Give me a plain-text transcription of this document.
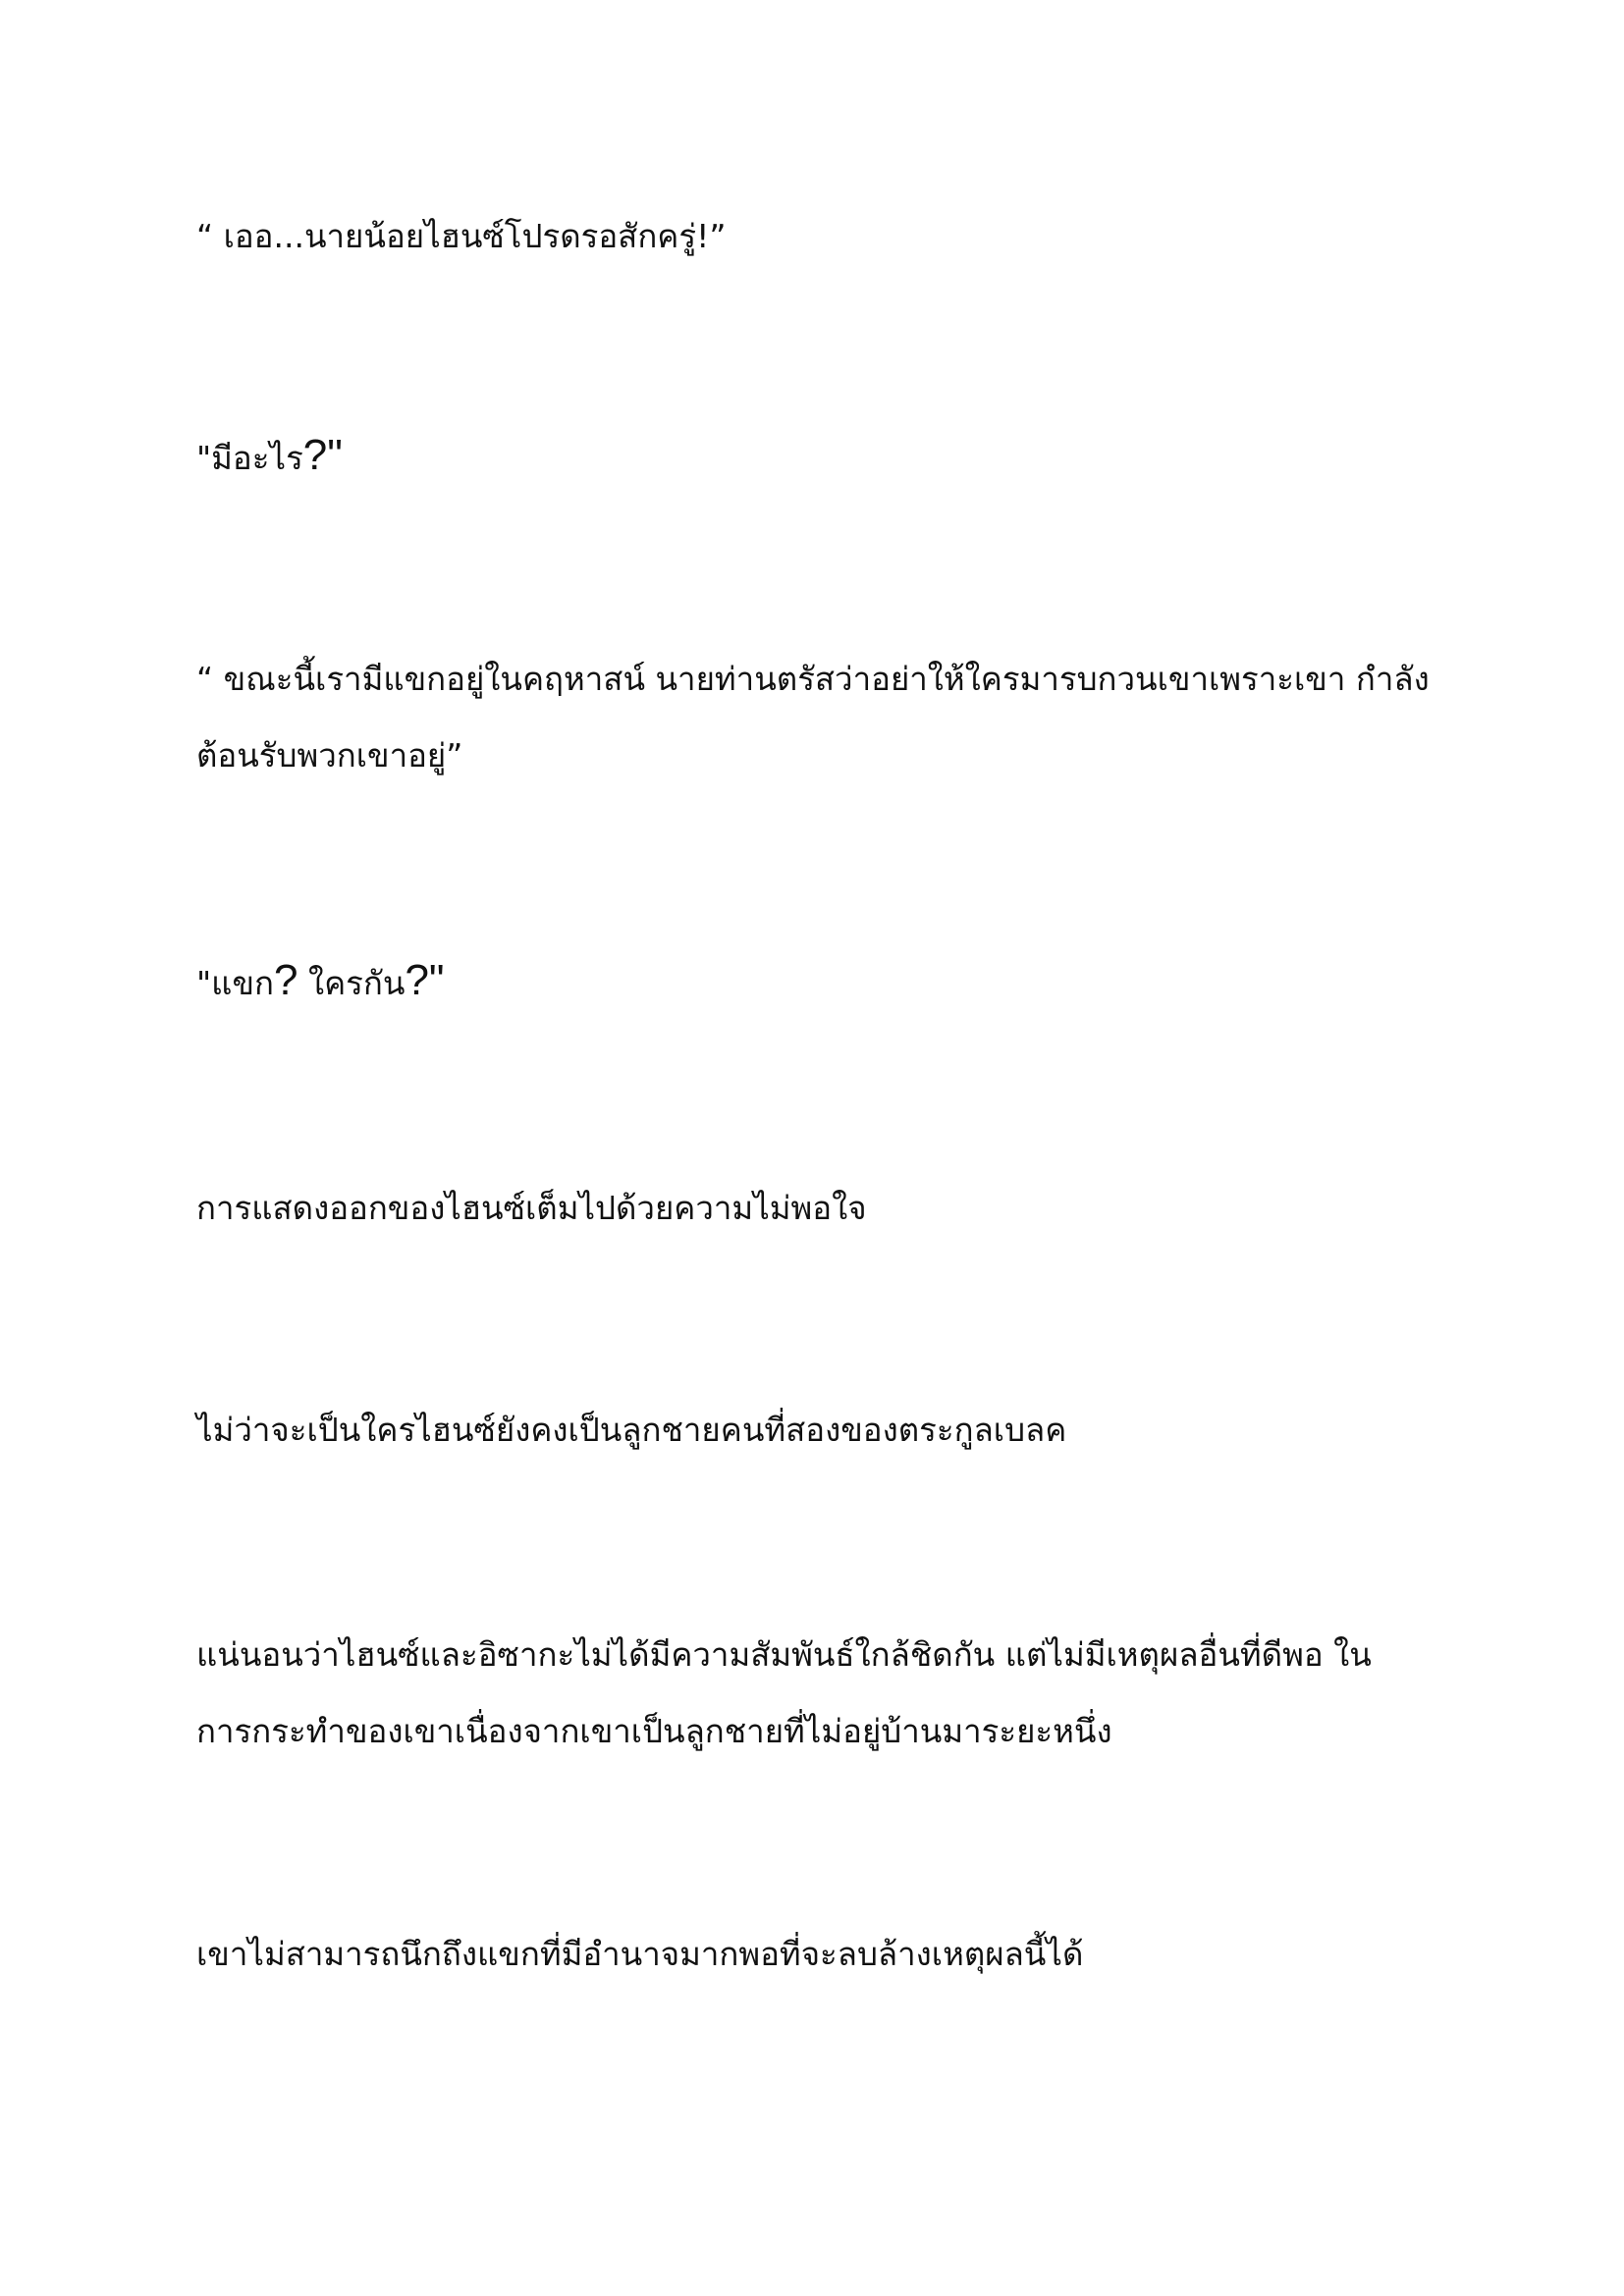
“ เออ...นายน้อยไฮนซ์โปรดรอสักครู่!”
"มีอะไร?"
“ ขณะนี้เรามีแขกอยู่ในคฤหาสน์ นายท่านตรัสว่าอย่าให้ใครมารบกวนเขาเพราะเขา กำลังต้อนรับพวกเขาอยู่”
"แขก? ใครกัน?"
การแสดงออกของไฮนซ์เต็มไปด้วยความไม่พอใจ
ไม่ว่าจะเป็นใครไฮนซ์ยังคงเป็นลูกชายคนที่สองของตระกูลเบลค
แน่นอนว่าไฮนซ์และอิซากะไม่ได้มีความสัมพันธ์ใกล้ชิดกัน แต่ไม่มีเหตุผลอื่นที่ดีพอ ในการกระทำของเขาเนื่องจากเขาเป็นลูกชายที่ไม่อยู่บ้านมาระยะหนึ่ง
เขาไม่สามารถนึกถึงแขกที่มีอำนาจมากพอที่จะลบล้างเหตุผลนี้ได้
